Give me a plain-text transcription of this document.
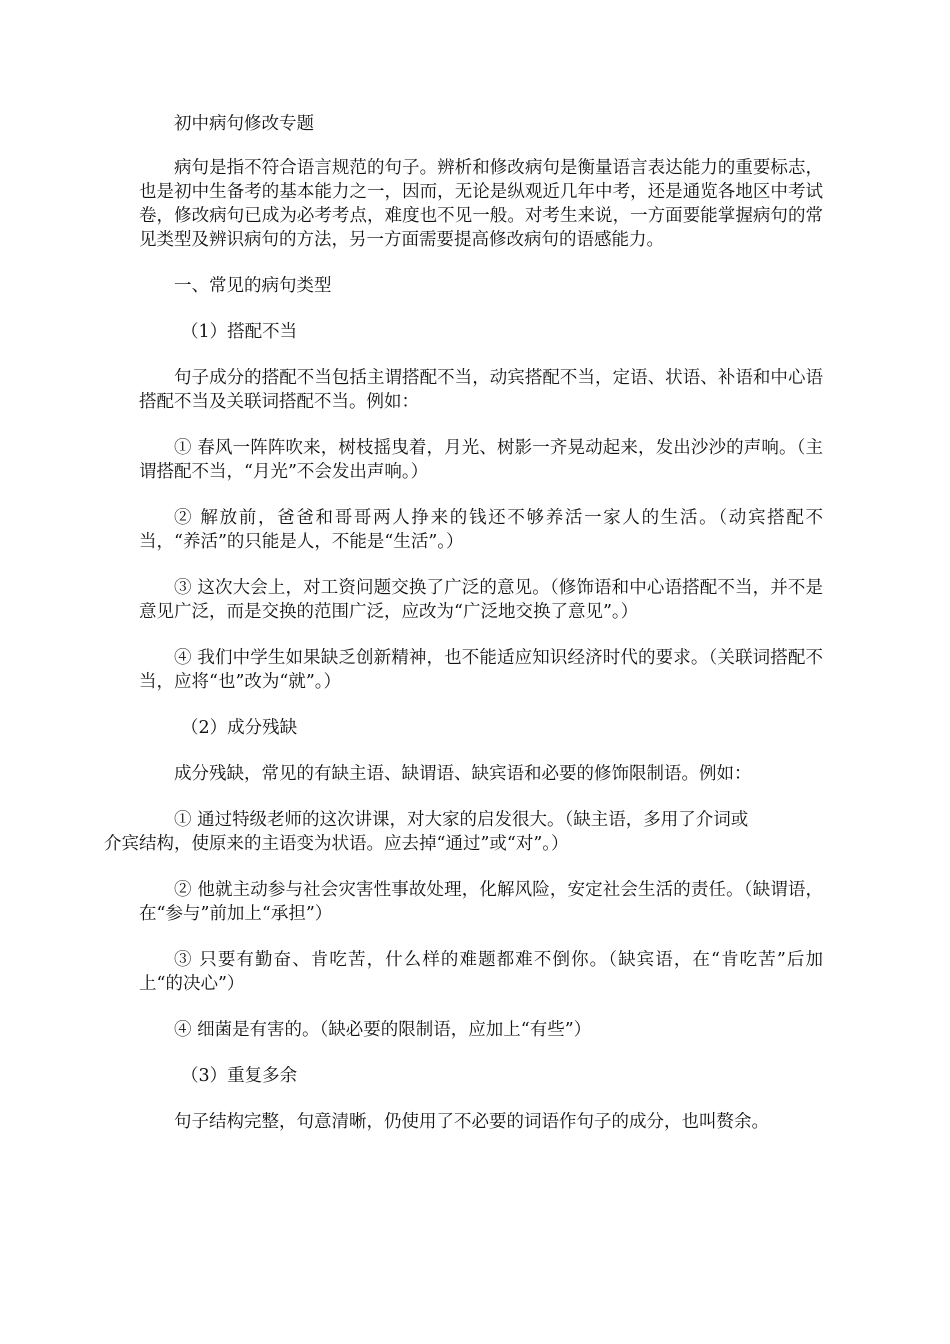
初中病句修改专题

病句是指不符合语言规范的句子。辨析和修改病句是衡量语言表达能力的重要标志，也是初中生备考的基本能力之一，因而，无论是纵观近几年中考，还是通览各地区中考试卷，修改病句已成为必考考点，难度也不见一般。对考生来说，一方面要能掌握病句的常见类型及辨识病句的方法，另一方面需要提高修改病句的语感能力。

一、常见的病句类型

（1）搭配不当

句子成分的搭配不当包括主谓搭配不当，动宾搭配不当，定语、状语、补语和中心语搭配不当及关联词搭配不当。例如：

① 春风一阵阵吹来，树枝摇曳着，月光、树影一齐晃动起来，发出沙沙的声响。（主谓搭配不当，“月光”不会发出声响。）

② 解放前，爸爸和哥哥两人挣来的钱还不够养活一家人的生活。（动宾搭配不当，“养活”的只能是人，不能是“生活”。）

③ 这次大会上，对工资问题交换了广泛的意见。（修饰语和中心语搭配不当，并不是意见广泛，而是交换的范围广泛，应改为“广泛地交换了意见”。）

④ 我们中学生如果缺乏创新精神，也不能适应知识经济时代的要求。（关联词搭配不当，应将“也”改为“就”。）

（2）成分残缺

成分残缺，常见的有缺主语、缺谓语、缺宾语和必要的修饰限制语。例如：

① 通过特级老师的这次讲课，对大家的启发很大。（缺主语，多用了介词或
介宾结构，使原来的主语变为状语。应去掉“通过”或“对”。）

② 他就主动参与社会灾害性事故处理，化解风险，安定社会生活的责任。（缺谓语，在“参与”前加上“承担”）

③ 只要有勤奋、肯吃苦，什么样的难题都难不倒你。（缺宾语，在“肯吃苦”后加上“的决心”）

④ 细菌是有害的。（缺必要的限制语，应加上“有些”）

（3）重复多余

句子结构完整，句意清晰，仍使用了不必要的词语作句子的成分，也叫赘余。
